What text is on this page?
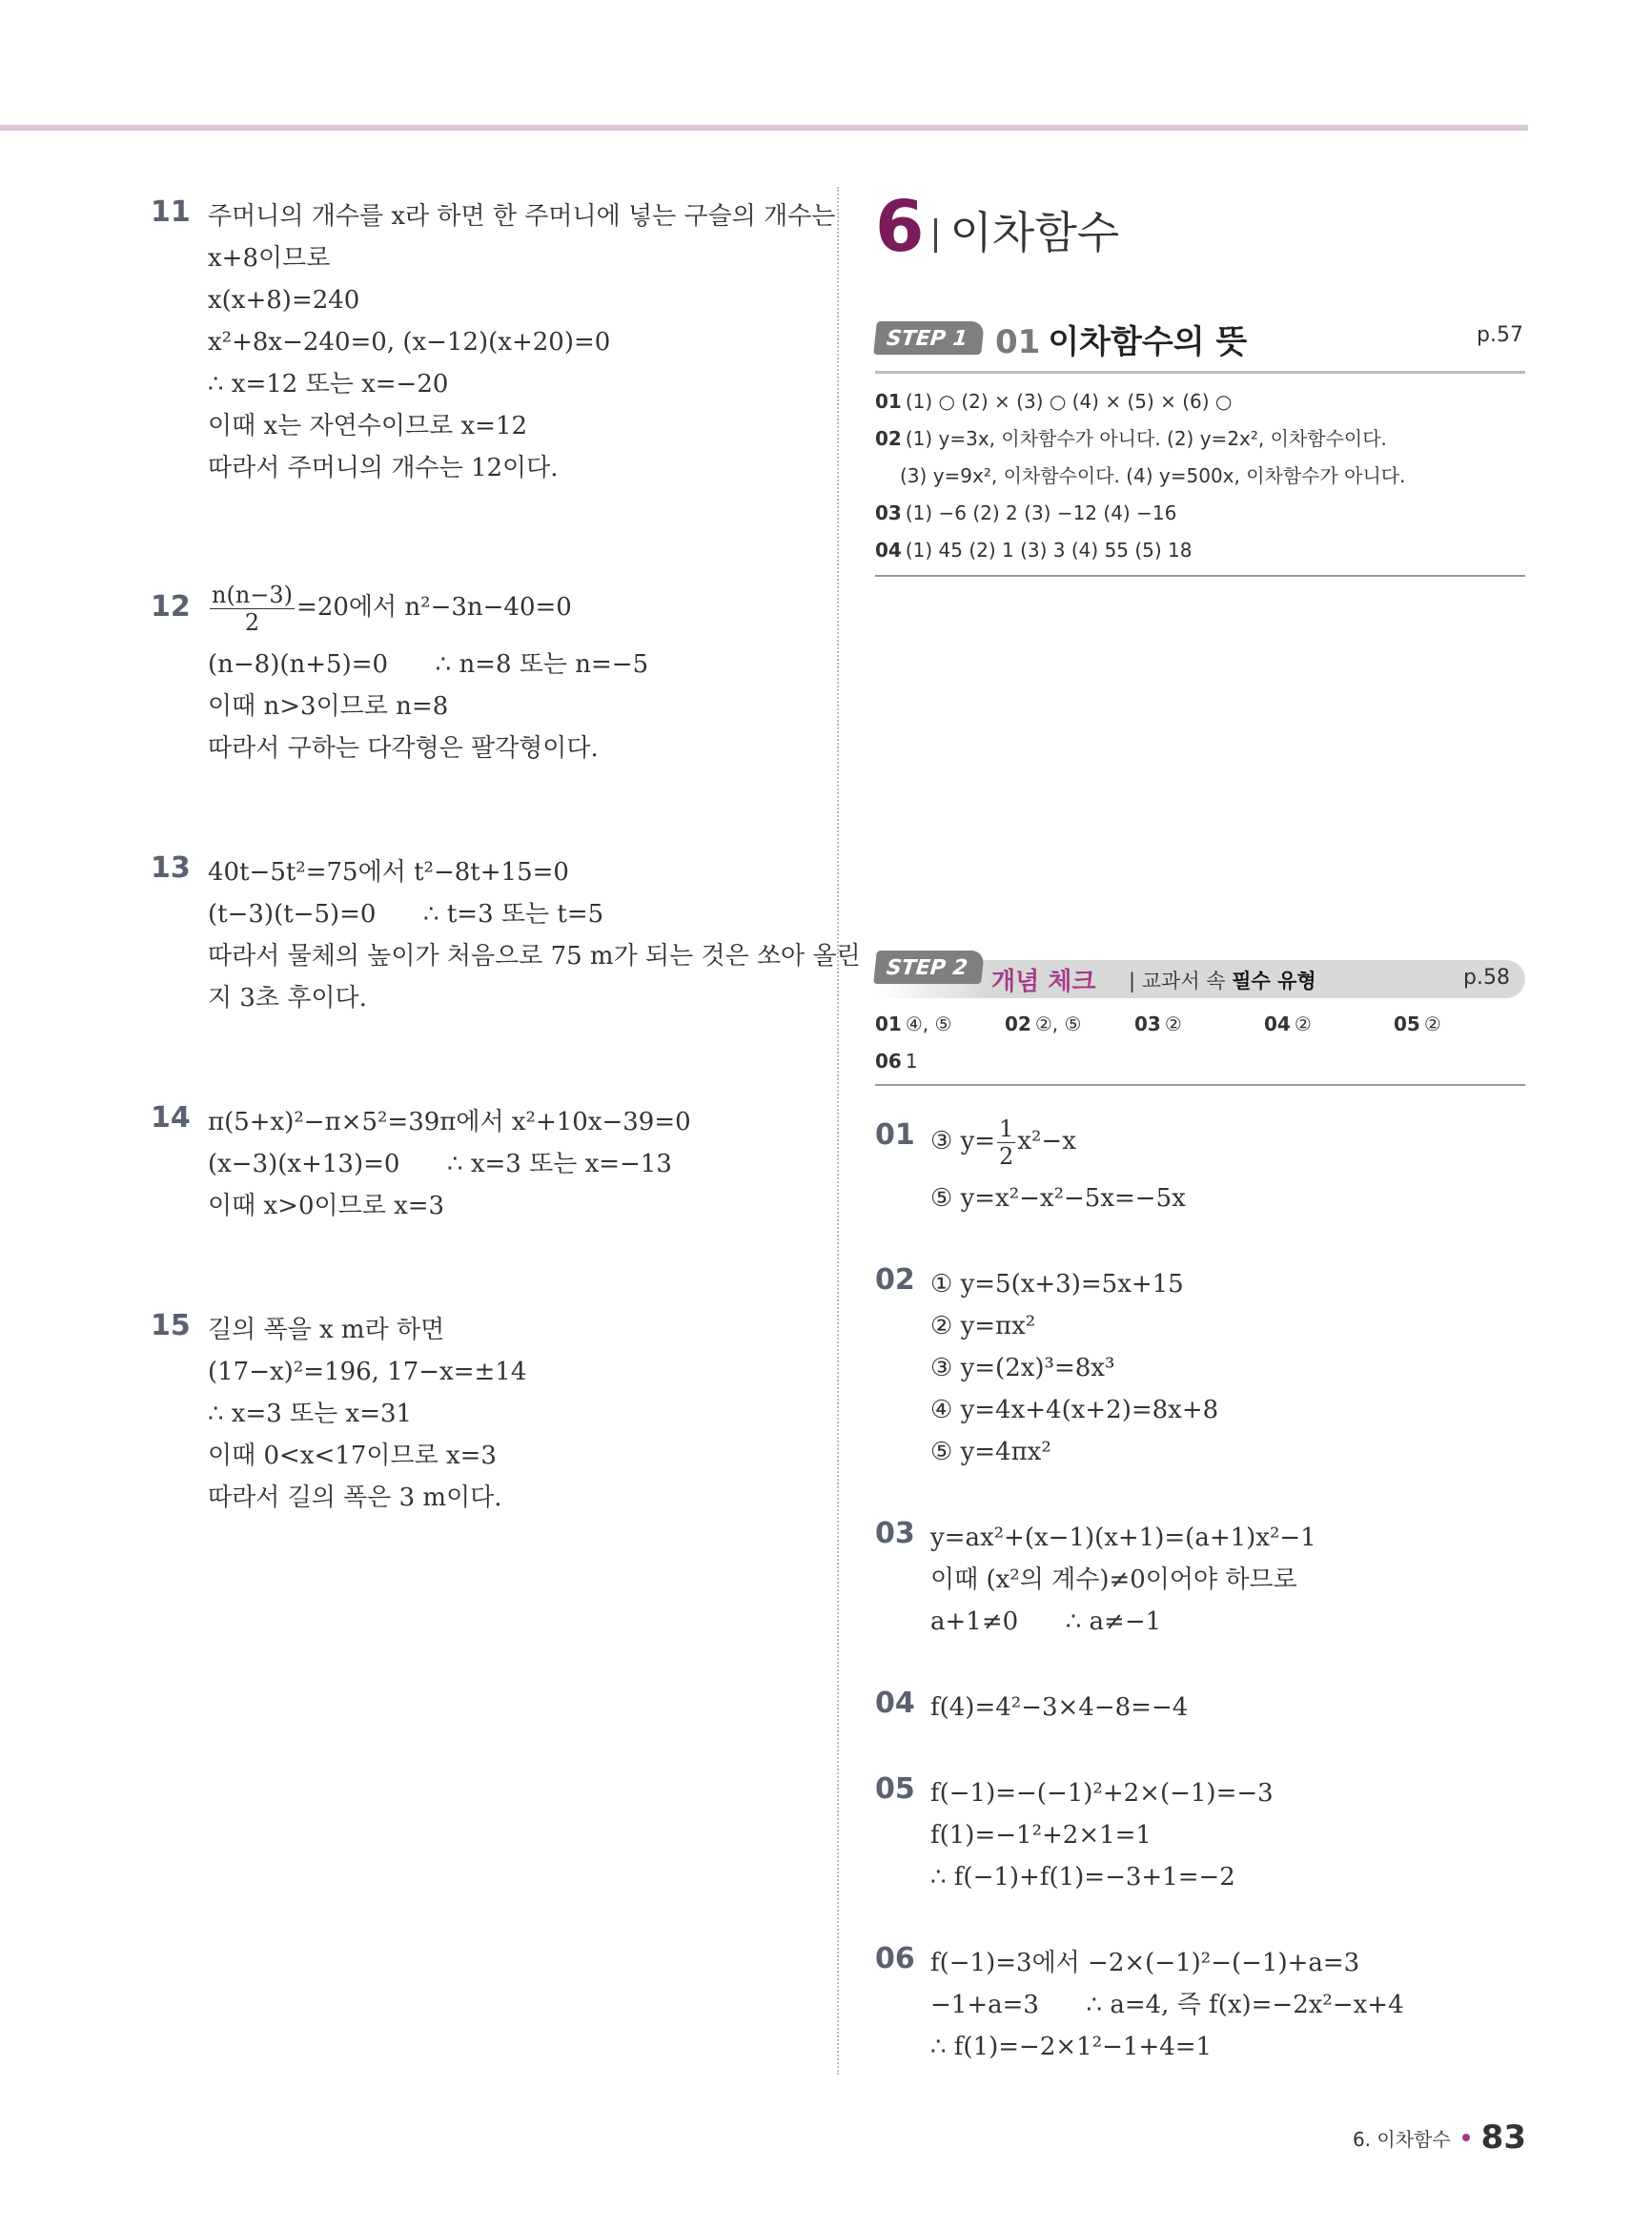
11 주머니의 개수를 x라 하면 한 주머니에 넣는 구슬의 개수는
x+8이므로
x(x+8)=240
x²+8x−240=0, (x−12)(x+20)=0
∴ x=12 또는 x=−20
이때 x는 자연수이므로 x=12
따라서 주머니의 개수는 12이다.
$12 \frac{n(n-3)}{2} =20$에서 n²−3n−40=0
(n−8)(n+5)=0      ∴ n=8 또는 n=−5
이때 n>3이므로 n=8
따라서 구하는 다각형은 팔각형이다.
13 40t−5t²=75에서 t²−8t+15=0
(t−3)(t−5)=0      ∴ t=3 또는 t=5
따라서 물체의 높이가 처음으로 75 m가 되는 것은 쏘아 올린
지 3초 후이다.
14 π(5+x)²−π×5²=39π에서 x²+10x−39=0
(x−3)(x+13)=0      ∴ x=3 또는 x=−13
이때 x>0이므로 x=3
15 길의 폭을 x m라 하면
(17−x)²=196, 17−x=±14
∴ x=3 또는 x=31
이때 0<x<17이므로 x=3
따라서 길의 폭은 3 m이다.
6 이차함수
STEP 1 01 이차함수의 뜻	p.57
01 (1) ○ (2) × (3) ○ (4) × (5) × (6) ○
02 (1) y=3x, 이차함수가 아니다. (2) y=2x², 이차함수이다.
(3) y=9x², 이차함수이다. (4) y=500x, 이차함수가 아니다.
03 (1) −6 (2) 2 (3) −12 (4) −16
04 (1) 45 (2) 1 (3) 3 (4) 55 (5) 18
STEP 2 개념 체크 | 교과서 속 필수 유형	p.58
01 ④, ⑤	02 ②, ⑤	03 ②	04 ②	05 ②
06 1
01 ③ $y= \frac{1}{2} x^2-x$
⑤ y=x²−x²−5x=−5x
02 ① y=5(x+3)=5x+15
② y=πx²
③ y=(2x)³=8x³
④ y=4x+4(x+2)=8x+8
⑤ y=4πx²
03 y=ax²+(x−1)(x+1)=(a+1)x²−1
이때 (x²의 계수)≠0이어야 하므로
a+1≠0      ∴ a≠−1
04 f(4)=4²−3×4−8=−4
05 f(−1)=−(−1)²+2×(−1)=−3
f(1)=−1²+2×1=1
∴ f(−1)+f(1)=−3+1=−2
06 f(−1)=3에서 −2×(−1)²−(−1)+a=3
−1+a=3      ∴ a=4, 즉 f(x)=−2x²−x+4
∴ f(1)=−2×1²−1+4=1
6. 이차함수 83
